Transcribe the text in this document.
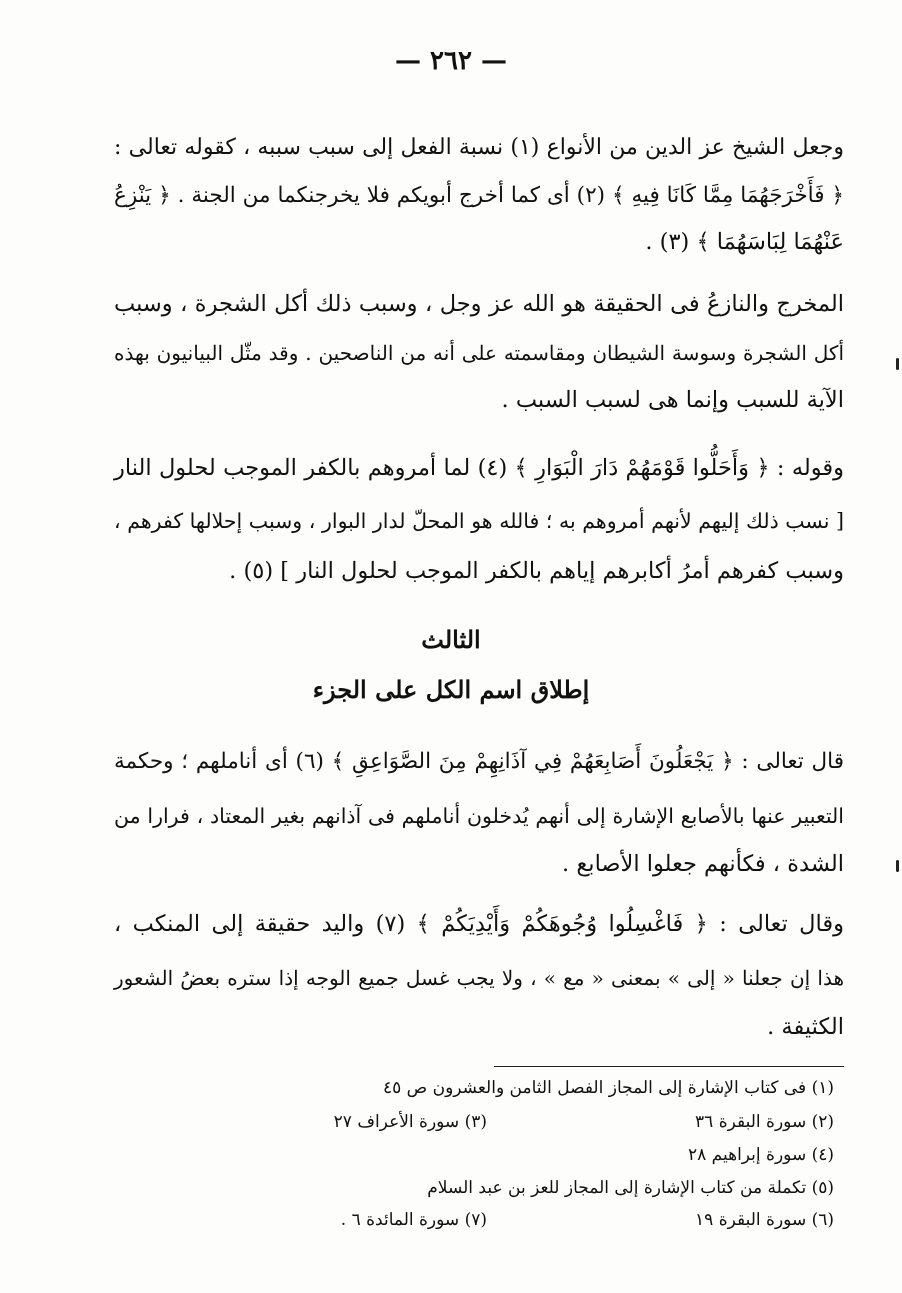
— ٢٦٢ —
وجعل الشيخ عز الدين من الأنواع (١) نسبة الفعل إلى سبب سببه ، كقوله تعالى :
﴿ فَأَخْرَجَهُمَا مِمَّا كَانَا فِيهِ ﴾ (٢) أى كما أخرج أبويكم فلا يخرجنكما من الجنة . ﴿ يَنْزِعُ
عَنْهُمَا لِبَاسَهُمَا ﴾ (٣) .
المخرج والنازعُ فى الحقيقة هو الله عز وجل ، وسبب ذلك أكل الشجرة ، وسبب
أكل الشجرة وسوسة الشيطان ومقاسمته على أنه من الناصحين . وقد مثّل البيانيون بهذه
الآية للسبب وإنما هى لسبب السبب .
وقوله : ﴿ وَأَحَلُّوا قَوْمَهُمْ دَارَ الْبَوَارِ ﴾ (٤) لما أمروهم بالكفر الموجب لحلول النار
[ نسب ذلك إليهم لأنهم أمروهم به ؛ فالله هو المحلّ لدار البوار ، وسبب إحلالها كفرهم ،
وسبب كفرهم أمرُ أكابرهم إياهم بالكفر الموجب لحلول النار ] (٥) .
الثالث
إطلاق اسم الكل على الجزء
قال تعالى : ﴿ يَجْعَلُونَ أَصَابِعَهُمْ فِي آذَانِهِمْ مِنَ الصَّوَاعِقِ ﴾ (٦) أى أناملهم ؛ وحكمة
التعبير عنها بالأصابع الإشارة إلى أنهم يُدخلون أناملهم فى آذانهم بغير المعتاد ، فرارا من
الشدة ، فكأنهم جعلوا الأصابع .
وقال تعالى : ﴿ فَاغْسِلُوا وُجُوهَكُمْ وَأَيْدِيَكُمْ ﴾ (٧) واليد حقيقة إلى المنكب ،
هذا إن جعلنا « إلى » بمعنى « مع » ، ولا يجب غسل جميع الوجه إذا ستره بعضُ الشعور
الكثيفة .
(١) فى كتاب الإشارة إلى المجاز الفصل الثامن والعشرون ص ٤٥
(٢) سورة البقرة ٣٦
(٣) سورة الأعراف ٢٧
(٤) سورة إبراهيم ٢٨
(٥) تكملة من كتاب الإشارة إلى المجاز للعز بن عبد السلام
(٦) سورة البقرة ١٩
(٧) سورة المائدة ٦ .
